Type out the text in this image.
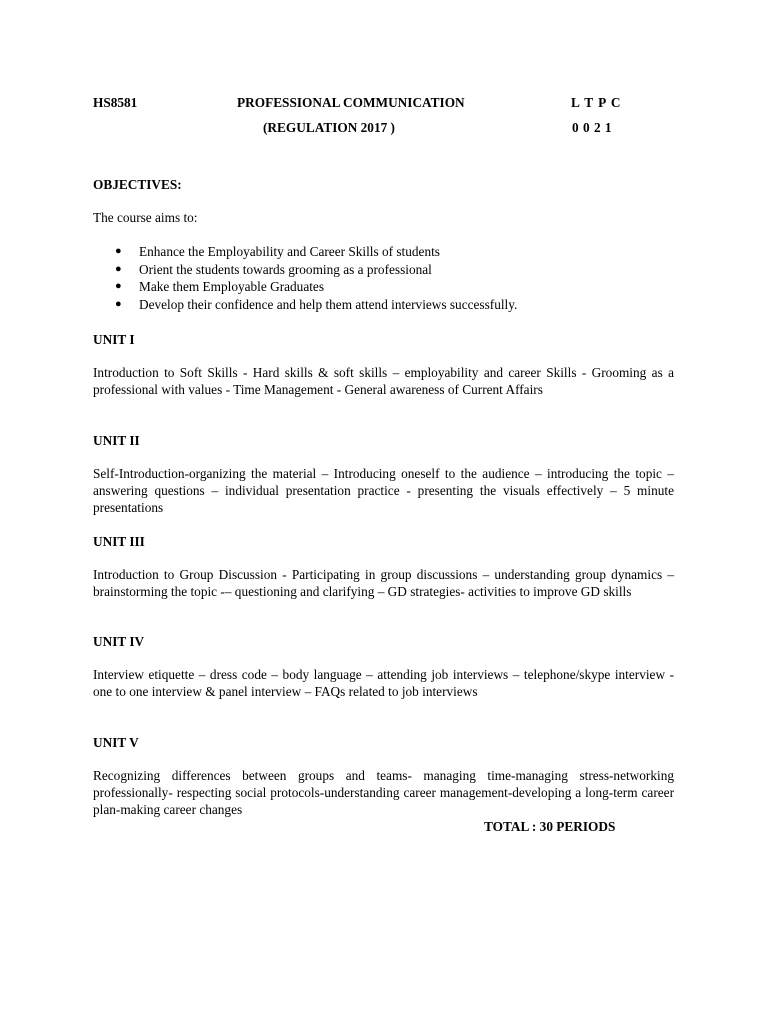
HS8581	PROFESSIONAL COMMUNICATION	L T P C
(REGULATION 2017 )	0 0 2 1
OBJECTIVES:
The course aims to:
● Enhance the Employability and Career Skills of students
● Orient the students towards grooming as a professional
● Make them Employable Graduates
● Develop their confidence and help them attend interviews successfully.
UNIT I
Introduction to Soft Skills - Hard skills & soft skills – employability and career Skills - Grooming as a professional with values - Time Management - General awareness of Current Affairs
UNIT II
Self-Introduction-organizing the material – Introducing oneself to the audience – introducing the topic – answering questions – individual presentation practice - presenting the visuals effectively – 5 minute presentations
UNIT III
Introduction to Group Discussion - Participating in group discussions – understanding group dynamics – brainstorming the topic -– questioning and clarifying – GD strategies- activities to improve GD skills
UNIT IV
Interview etiquette – dress code – body language – attending job interviews – telephone/skype interview -one to one interview & panel interview – FAQs related to job interviews
UNIT V
Recognizing differences between groups and teams- managing time-managing stress-networking professionally- respecting social protocols-understanding career management-developing a long-term career plan-making career changes
TOTAL : 30 PERIODS
